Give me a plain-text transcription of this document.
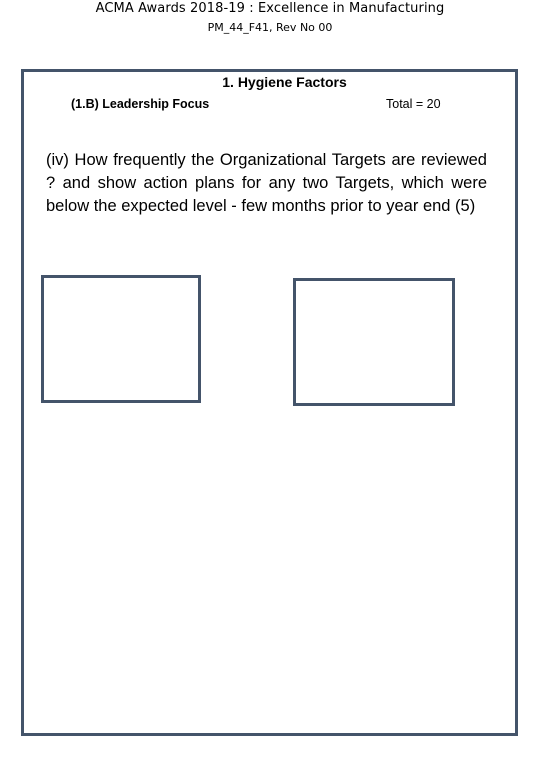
ACMA Awards 2018-19 : Excellence in Manufacturing
PM_44_F41, Rev No 00
1. Hygiene Factors
(1.B) Leadership Focus	Total = 20
(iv) How frequently the Organizational Targets are reviewed ? and show action plans for any two Targets, which were below the expected level - few months prior to year end (5)
